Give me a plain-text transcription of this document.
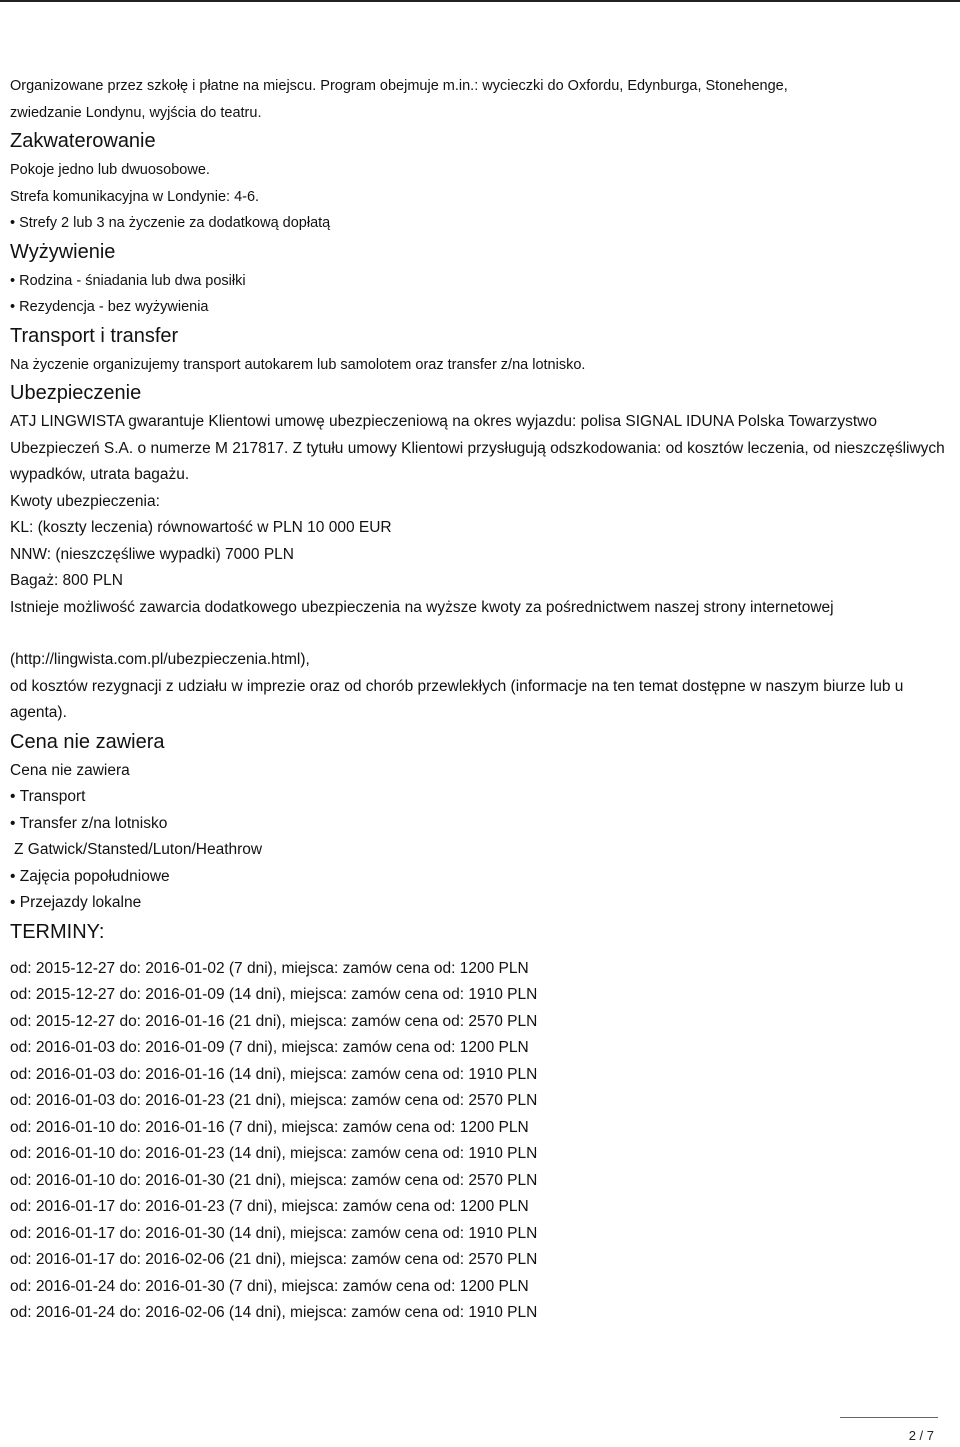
Organizowane przez szkołę i płatne na miejscu. Program obejmuje m.in.: wycieczki do Oxfordu, Edynburga, Stonehenge,

zwiedzanie Londynu, wyjścia do teatru.

Zakwaterowanie

Pokoje jedno lub dwuosobowe.

Strefa komunikacyjna w Londynie: 4-6.

• Strefy 2 lub 3 na życzenie za dodatkową dopłatą

Wyżywienie

• Rodzina - śniadania lub dwa posiłki

• Rezydencja - bez wyżywienia

Transport i transfer

Na życzenie organizujemy transport autokarem lub samolotem oraz transfer z/na lotnisko.

Ubezpieczenie

ATJ LINGWISTA gwarantuje Klientowi umowę ubezpieczeniową na okres wyjazdu: polisa SIGNAL IDUNA Polska Towarzystwo Ubezpieczeń S.A. o numerze M 217817. Z tytułu umowy Klientowi przysługują odszkodowania: od kosztów leczenia, od nieszczęśliwych wypadków, utrata bagażu.

Kwoty ubezpieczenia:

KL: (koszty leczenia) równowartość w PLN 10 000 EUR

NNW: (nieszczęśliwe wypadki) 7000 PLN

Bagaż: 800 PLN

Istnieje możliwość zawarcia dodatkowego ubezpieczenia na wyższe kwoty za pośrednictwem naszej strony internetowej

(http://lingwista.com.pl/ubezpieczenia.html),

od kosztów rezygnacji z udziału w imprezie oraz od chorób przewlekłych (informacje na ten temat dostępne w naszym biurze lub u agenta).

Cena nie zawiera

Cena nie zawiera

• Transport

• Transfer z/na lotnisko

Z Gatwick/Stansted/Luton/Heathrow

• Zajęcia popołudniowe

• Przejazdy lokalne

TERMINY:

od: 2015-12-27 do: 2016-01-02 (7 dni), miejsca: zamów cena od: 1200 PLN

od: 2015-12-27 do: 2016-01-09 (14 dni), miejsca: zamów cena od: 1910 PLN

od: 2015-12-27 do: 2016-01-16 (21 dni), miejsca: zamów cena od: 2570 PLN

od: 2016-01-03 do: 2016-01-09 (7 dni), miejsca: zamów cena od: 1200 PLN

od: 2016-01-03 do: 2016-01-16 (14 dni), miejsca: zamów cena od: 1910 PLN

od: 2016-01-03 do: 2016-01-23 (21 dni), miejsca: zamów cena od: 2570 PLN

od: 2016-01-10 do: 2016-01-16 (7 dni), miejsca: zamów cena od: 1200 PLN

od: 2016-01-10 do: 2016-01-23 (14 dni), miejsca: zamów cena od: 1910 PLN

od: 2016-01-10 do: 2016-01-30 (21 dni), miejsca: zamów cena od: 2570 PLN

od: 2016-01-17 do: 2016-01-23 (7 dni), miejsca: zamów cena od: 1200 PLN

od: 2016-01-17 do: 2016-01-30 (14 dni), miejsca: zamów cena od: 1910 PLN

od: 2016-01-17 do: 2016-02-06 (21 dni), miejsca: zamów cena od: 2570 PLN

od: 2016-01-24 do: 2016-01-30 (7 dni), miejsca: zamów cena od: 1200 PLN

od: 2016-01-24 do: 2016-02-06 (14 dni), miejsca: zamów cena od: 1910 PLN

2 / 7
